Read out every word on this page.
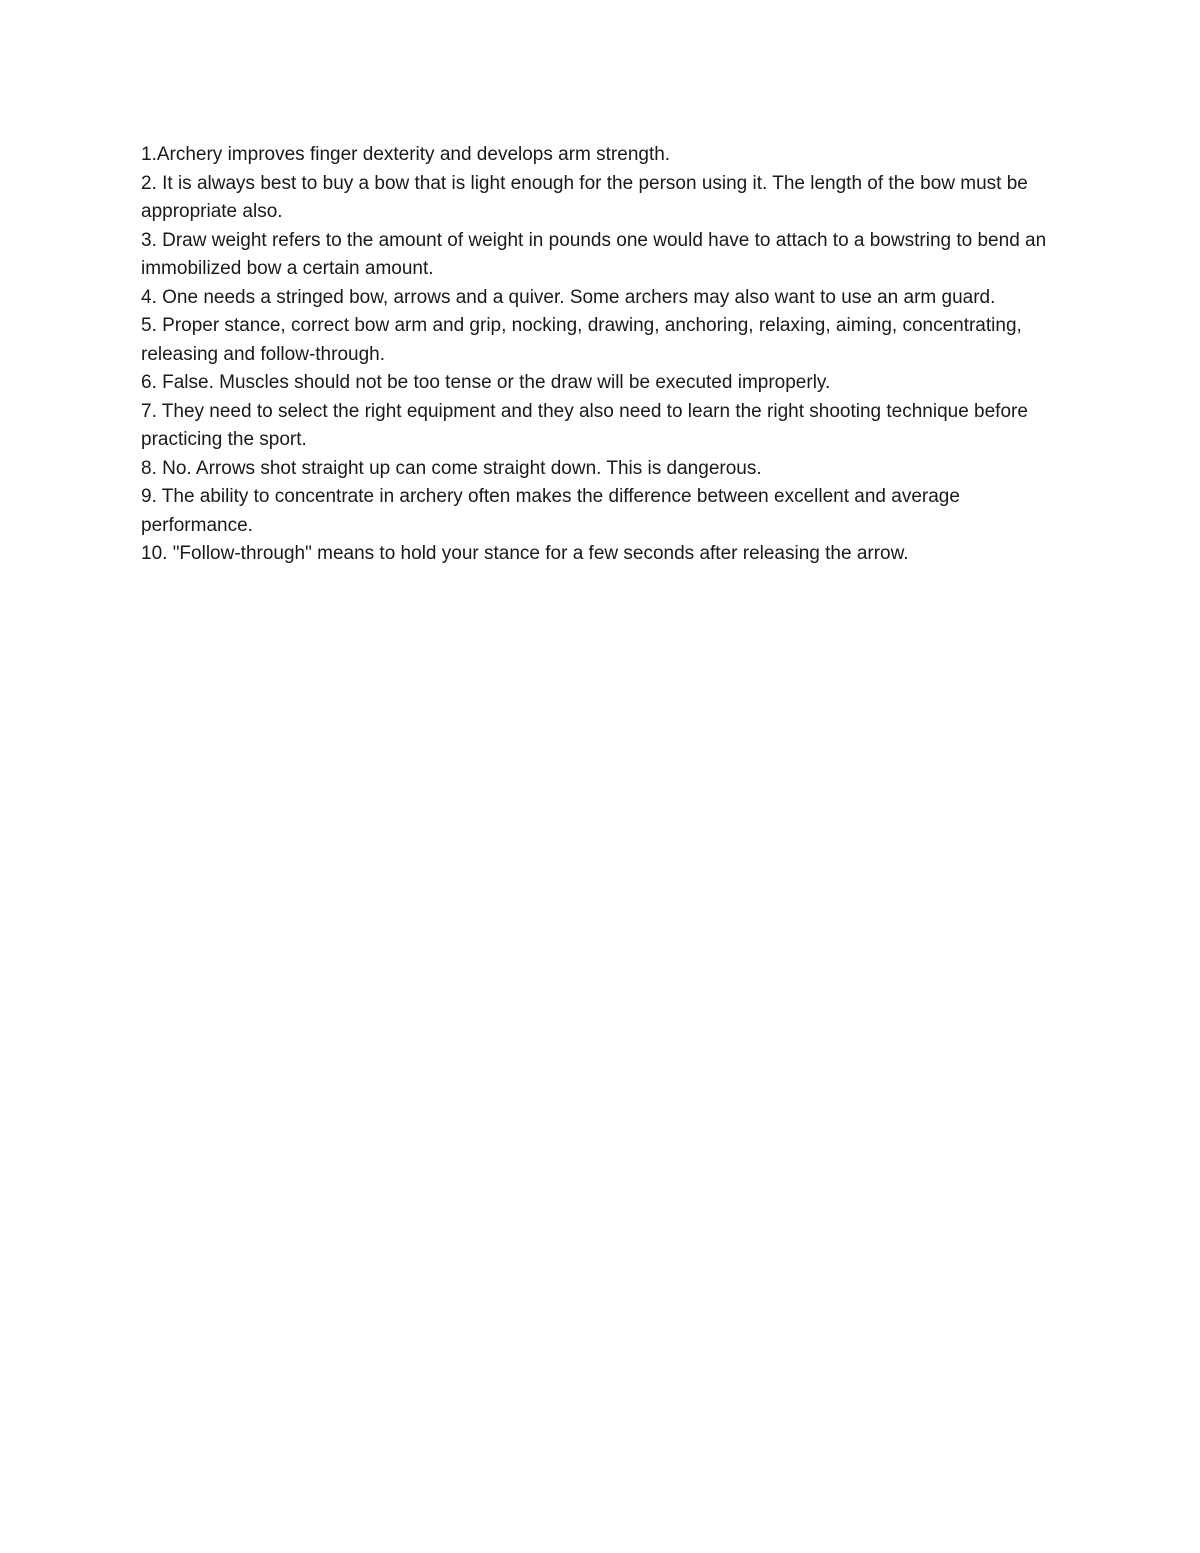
1.Archery improves finger dexterity and develops arm strength.
2. It is always best to buy a bow that is light enough for the person using it. The length of the bow must be appropriate also.
3. Draw weight refers to the amount of weight in pounds one would have to attach to a bowstring to bend an immobilized bow a certain amount.
4. One needs a stringed bow, arrows and a quiver. Some archers may also want to use an arm guard.
5. Proper stance, correct bow arm and grip, nocking, drawing, anchoring, relaxing, aiming, concentrating, releasing and follow-through.
6. False. Muscles should not be too tense or the draw will be executed improperly.
7. They need to select the right equipment and they also need to learn the right shooting technique before practicing the sport.
8. No. Arrows shot straight up can come straight down. This is dangerous.
9. The ability to concentrate in archery often makes the difference between excellent and average performance.
10. "Follow-through" means to hold your stance for a few seconds after releasing the arrow.
